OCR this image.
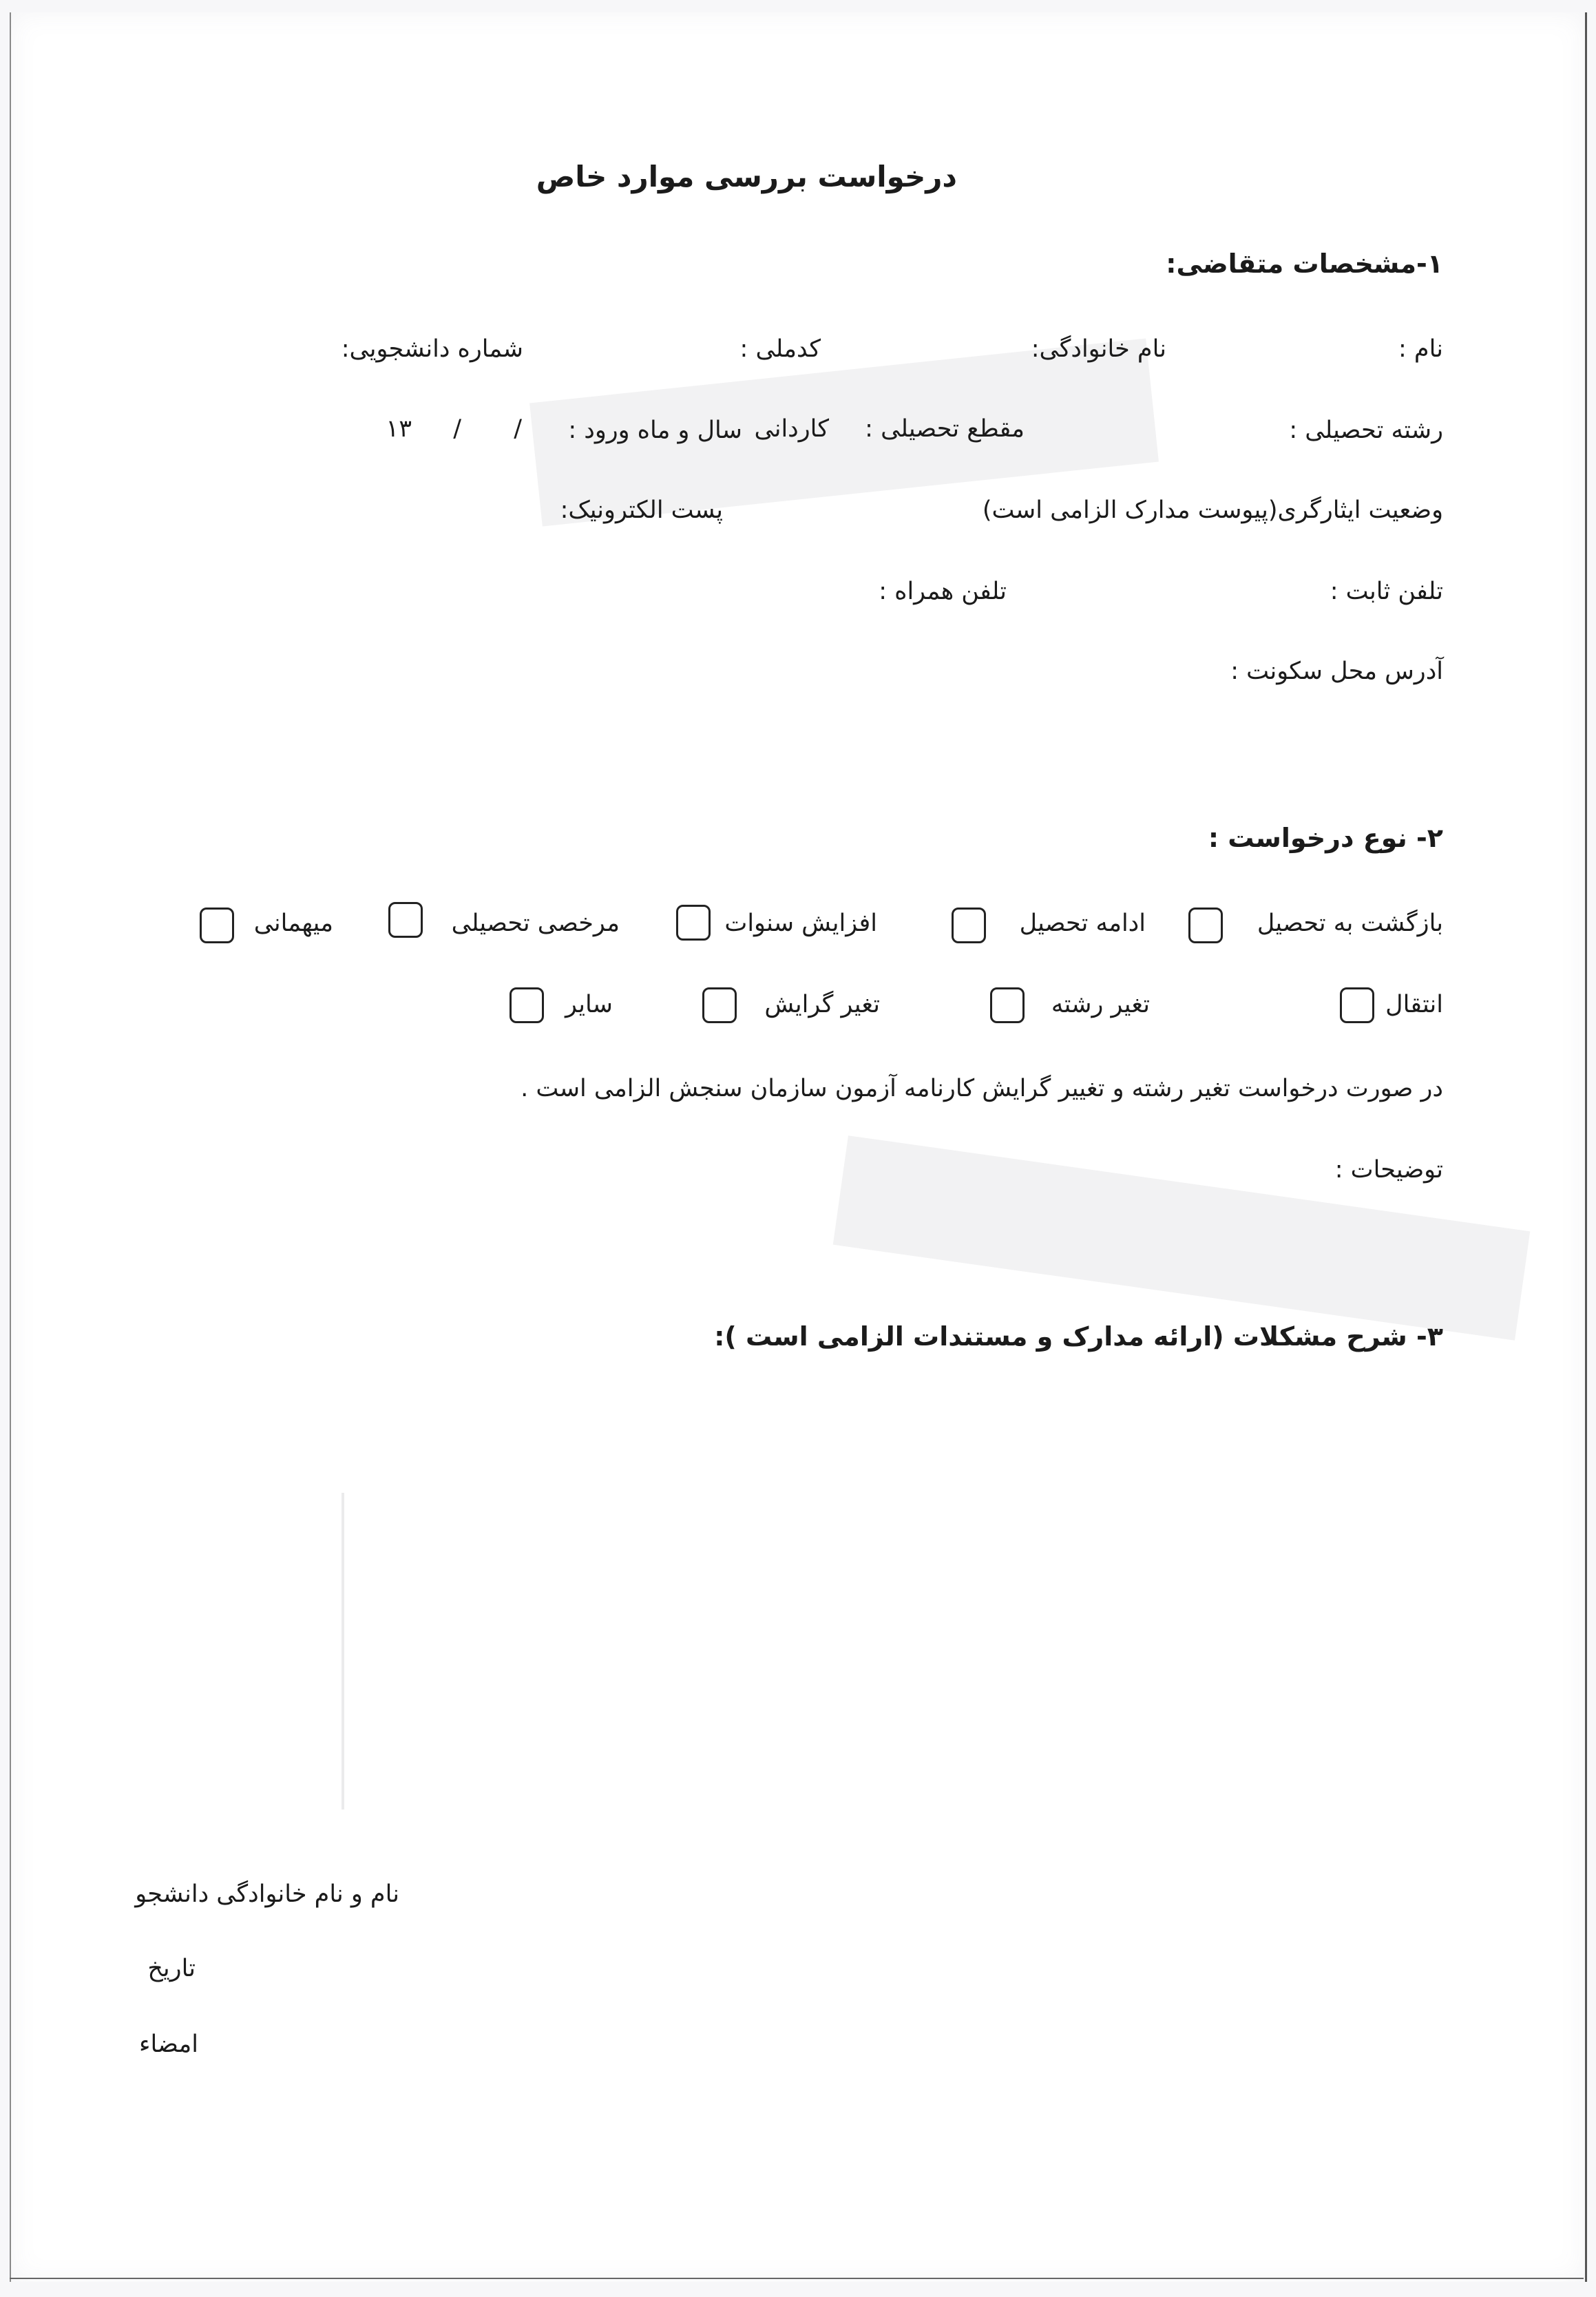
درخواست بررسی موارد خاص
۱-مشخصات متقاضی:
نام :
نام خانوادگی:
کدملی :
شماره دانشجویی:
رشته تحصیلی :
مقطع تحصیلی :
کاردانی
سال و ماه ورود :
/
/
۱۳
وضعیت ایثارگری(پیوست مدارک الزامی است)
پست الکترونیک:
تلفن ثابت :
تلفن همراه :
آدرس محل سکونت :
۲- نوع درخواست :
بازگشت به تحصیل
ادامه تحصیل
افزایش سنوات
مرخصی تحصیلی
میهمانی
انتقال
تغیر رشته
تغیر گرایش
سایر
در صورت درخواست تغیر رشته و تغییر گرایش کارنامه آزمون سازمان سنجش الزامی است .
توضیحات :
۳- شرح مشکلات (ارائه مدارک و مستندات الزامی است ):
نام و نام خانوادگی دانشجو
تاریخ
امضاء
